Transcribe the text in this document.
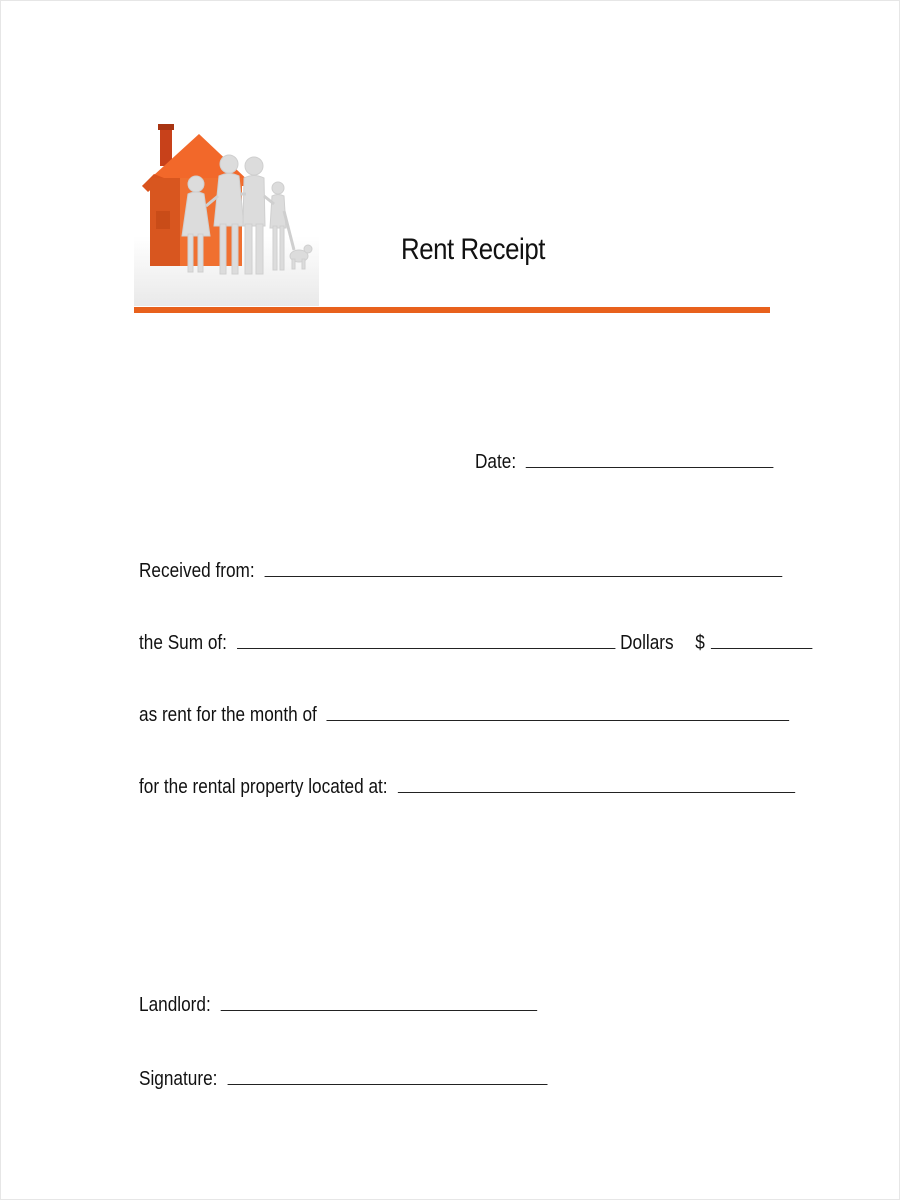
Rent Receipt
Date:
Received from:
the Sum of:	Dollars $
as rent for the month of
for the rental property located at:
Landlord:
Signature:
